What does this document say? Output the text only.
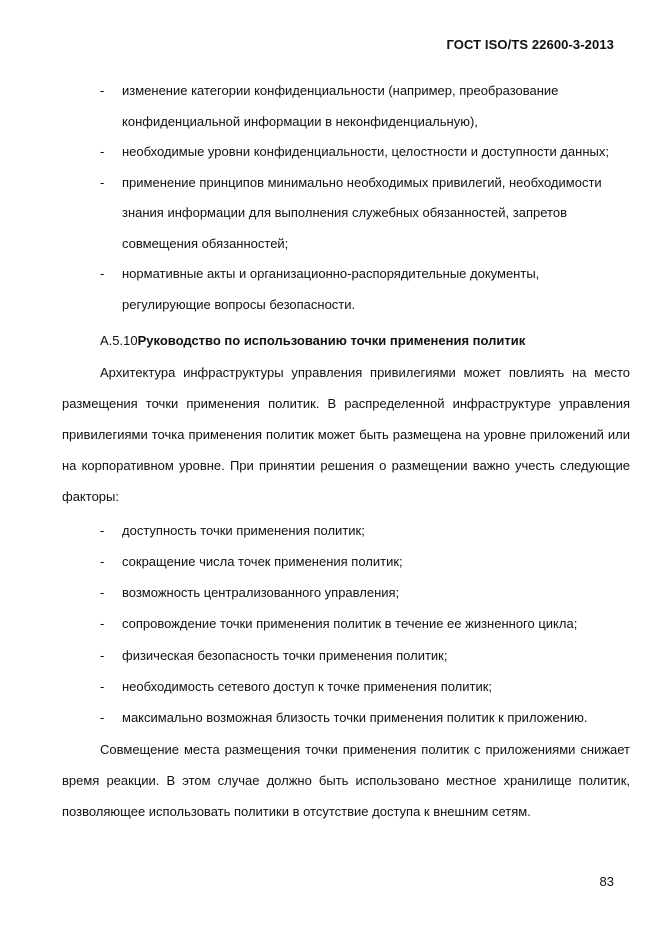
ГОСТ ISO/TS 22600-3-2013
- изменение категории конфиденциальности (например, преобразование конфиденциальной информации в неконфиденциальную),
- необходимые уровни конфиденциальности, целостности и доступности данных;
- применение принципов минимально необходимых привилегий, необходимости знания информации для выполнения служебных обязанностей, запретов совмещения обязанностей;
- нормативные акты и организационно-распорядительные документы, регулирующие вопросы безопасности.
A.5.10Руководство по использованию точки применения политик

Архитектура инфраструктуры управления привилегиями может повлиять на место размещения точки применения политик. В распределенной инфраструктуре управления привилегиями точка применения политик может быть размещена на уровне приложений или на корпоративном уровне. При принятии решения о размещении важно учесть следующие факторы:

- доступность точки применения политик;
- сокращение числа точек применения политик;
- возможность централизованного управления;
- сопровождение точки применения политик в течение ее жизненного цикла;
- физическая безопасность точки применения политик;
- необходимость сетевого доступ к точке применения политик;
- максимально возможная близость точки применения политик к приложению.

Совмещение места размещения точки применения политик с приложениями снижает время реакции. В этом случае должно быть использовано местное хранилище политик, позволяющее использовать политики в отсутствие доступа к внешним сетям.

83
